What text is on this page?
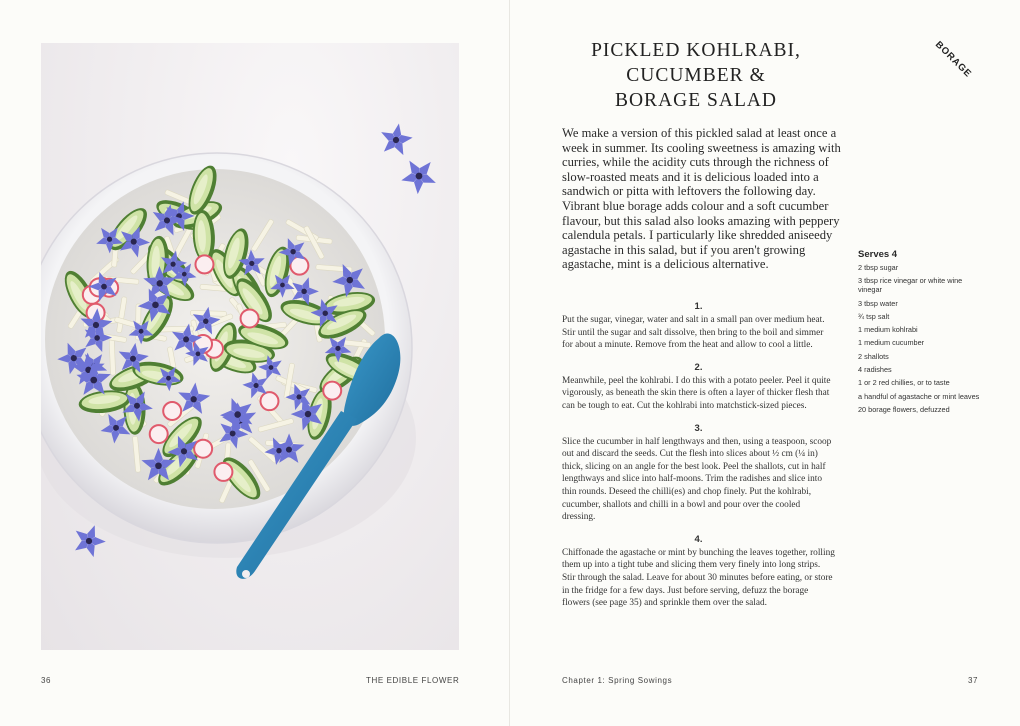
36	THE EDIBLE FLOWER
PICKLED KOHLRABI,
CUCUMBER &
BORAGE SALAD
BORAGE
We make a version of this pickled salad at least once a week in summer. Its cooling sweetness is amazing with curries, while the acidity cuts through the richness of slow-roasted meats and it is delicious loaded into a sandwich or pitta with leftovers the following day. Vibrant blue borage adds colour and a soft cucumber flavour, but this salad also looks amazing with peppery calendula petals. I particularly like shredded aniseedy agastache in this salad, but if you aren't growing agastache, mint is a delicious alternative.
1.
Put the sugar, vinegar, water and salt in a small pan over medium heat. Stir until the sugar and salt dissolve, then bring to the boil and simmer for about a minute. Remove from the heat and allow to cool a little.
2.
Meanwhile, peel the kohlrabi. I do this with a potato peeler. Peel it quite vigorously, as beneath the skin there is often a layer of thicker flesh that can be tough to eat. Cut the kohlrabi into matchstick-sized pieces.
3.
Slice the cucumber in half lengthways and then, using a teaspoon, scoop out and discard the seeds. Cut the flesh into slices about ½ cm (¼ in) thick, slicing on an angle for the best look. Peel the shallots, cut in half lengthways and slice into half-moons. Trim the radishes and slice into thin rounds. Deseed the chilli(es) and chop finely. Put the kohlrabi, cucumber, shallots and chilli in a bowl and pour over the cooled dressing.
4.
Chiffonade the agastache or mint by bunching the leaves together, rolling them up into a tight tube and slicing them very finely into long strips. Stir through the salad. Leave for about 30 minutes before eating, or store in the fridge for a few days. Just before serving, defuzz the borage flowers (see page 35) and sprinkle them over the salad.
Serves 4
2 tbsp sugar
3 tbsp rice vinegar or white wine vinegar
3 tbsp water
¾ tsp salt
1 medium kohlrabi
1 medium cucumber
2 shallots
4 radishes
1 or 2 red chillies, or to taste
a handful of agastache or mint leaves
20 borage flowers, defuzzed
Chapter 1: Spring Sowings	37
